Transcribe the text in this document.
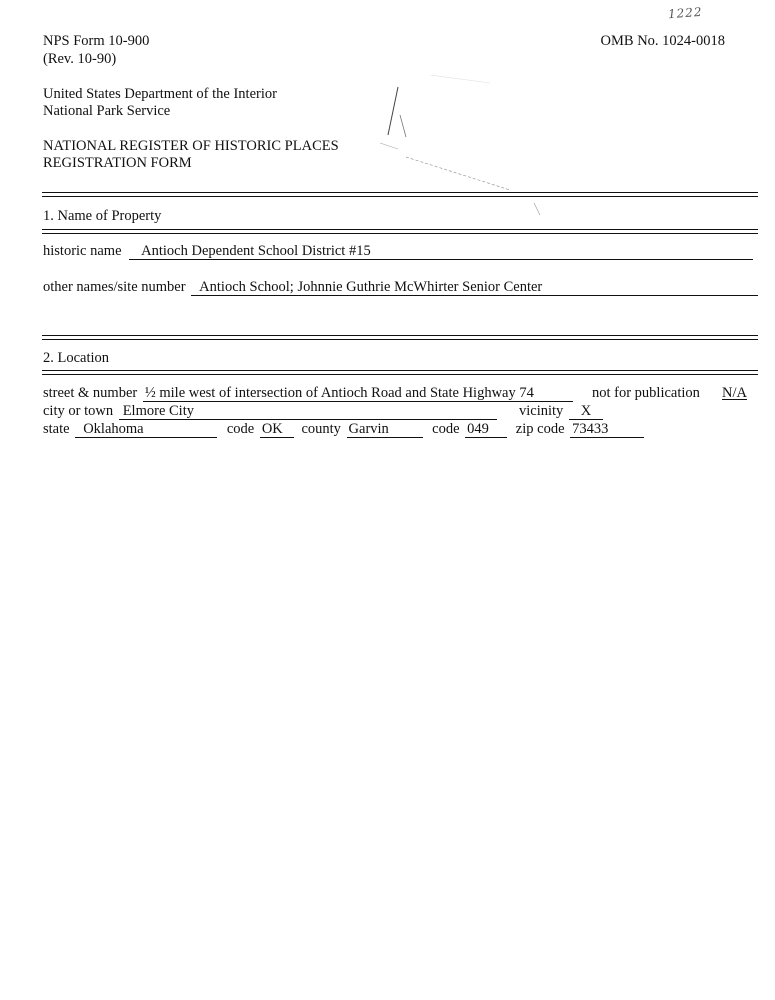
1222
NPS Form 10-900
(Rev. 10-90)
OMB No. 1024-0018
United States Department of the Interior
National Park Service
NATIONAL REGISTER OF HISTORIC PLACES
REGISTRATION FORM
1. Name of Property
historic name Antioch Dependent School District #15
other names/site number Antioch School; Johnnie Guthrie McWhirter Senior Center
2. Location
street & number ½ mile west of intersection of Antioch Road and State Highway 74	not for publication N/A
city or town Elmore City	vicinity X
state Oklahoma	code OK county Garvin	code 049 zip code 73433
